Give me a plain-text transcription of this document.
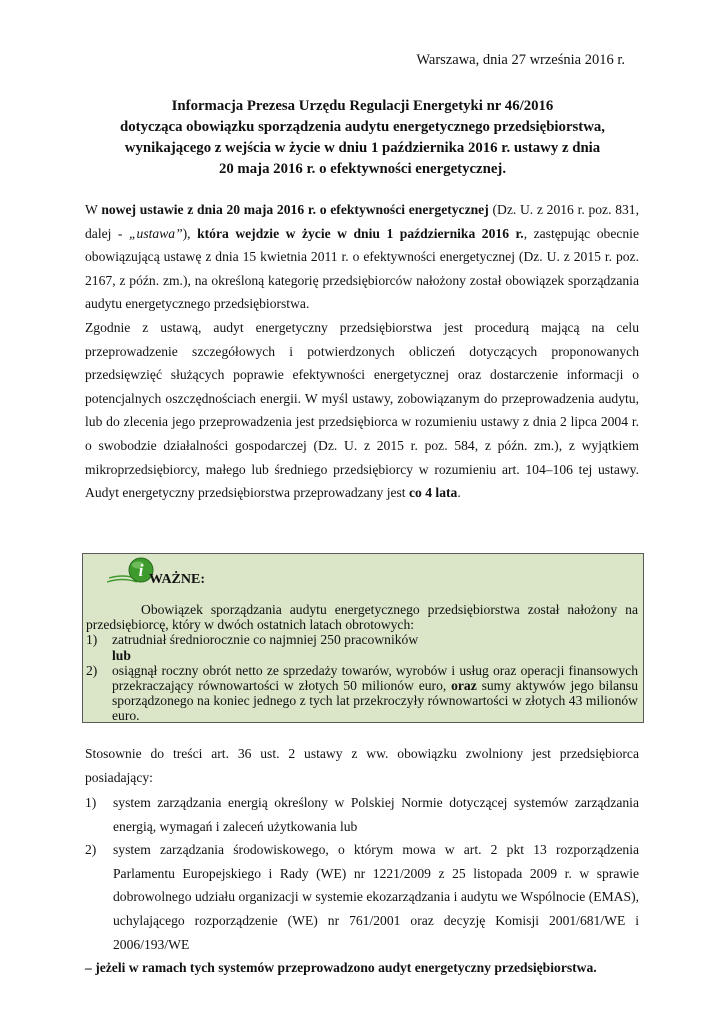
Warszawa, dnia 27 września 2016 r.
Informacja Prezesa Urzędu Regulacji Energetyki nr 46/2016
dotycząca obowiązku sporządzenia audytu energetycznego przedsiębiorstwa,
wynikającego z wejścia w życie w dniu 1 października 2016 r. ustawy z dnia
20 maja 2016 r. o efektywności energetycznej.
W nowej ustawie z dnia 20 maja 2016 r. o efektywności energetycznej (Dz. U. z 2016 r. poz. 831, dalej - „ustawa”), która wejdzie w życie w dniu 1 października 2016 r., zastępując obecnie obowiązującą ustawę z dnia 15 kwietnia 2011 r. o efektywności energetycznej (Dz. U. z 2015 r. poz. 2167, z późn. zm.), na określoną kategorię przedsiębiorców nałożony został obowiązek sporządzania audytu energetycznego przedsiębiorstwa.
Zgodnie z ustawą, audyt energetyczny przedsiębiorstwa jest procedurą mającą na celu przeprowadzenie szczegółowych i potwierdzonych obliczeń dotyczących proponowanych przedsięwzięć służących poprawie efektywności energetycznej oraz dostarczenie informacji o potencjalnych oszczędnościach energii. W myśl ustawy, zobowiązanym do przeprowadzenia audytu, lub do zlecenia jego przeprowadzenia jest przedsiębiorca w rozumieniu ustawy z dnia 2 lipca 2004 r. o swobodzie działalności gospodarczej (Dz. U. z 2015 r. poz. 584, z późn. zm.), z wyjątkiem mikroprzedsiębiorcy, małego lub średniego przedsiębiorcy w rozumieniu art. 104–106 tej ustawy. Audyt energetyczny przedsiębiorstwa przeprowadzany jest co 4 lata.
i WAŻNE:
Obowiązek sporządzania audytu energetycznego przedsiębiorstwa został nałożony na przedsiębiorcę, który w dwóch ostatnich latach obrotowych:
1)	zatrudniał średniorocznie co najmniej 250 pracowników
lub
2)	osiągnął roczny obrót netto ze sprzedaży towarów, wyrobów i usług oraz operacji finansowych przekraczający równowartości w złotych 50 milionów euro, oraz sumy aktywów jego bilansu sporządzonego na koniec jednego z tych lat przekroczyły równowartości w złotych 43 milionów euro.
Stosownie do treści art. 36 ust. 2 ustawy z ww. obowiązku zwolniony jest przedsiębiorca posiadający:
1)	system zarządzania energią określony w Polskiej Normie dotyczącej systemów zarządzania energią, wymagań i zaleceń użytkowania lub
2)	system zarządzania środowiskowego, o którym mowa w art. 2 pkt 13 rozporządzenia Parlamentu Europejskiego i Rady (WE) nr 1221/2009 z 25 listopada 2009 r. w sprawie dobrowolnego udziału organizacji w systemie ekozarządzania i audytu we Wspólnocie (EMAS), uchylającego rozporządzenie (WE) nr 761/2001 oraz decyzję Komisji 2001/681/WE i 2006/193/WE
– jeżeli w ramach tych systemów przeprowadzono audyt energetyczny przedsiębiorstwa.
